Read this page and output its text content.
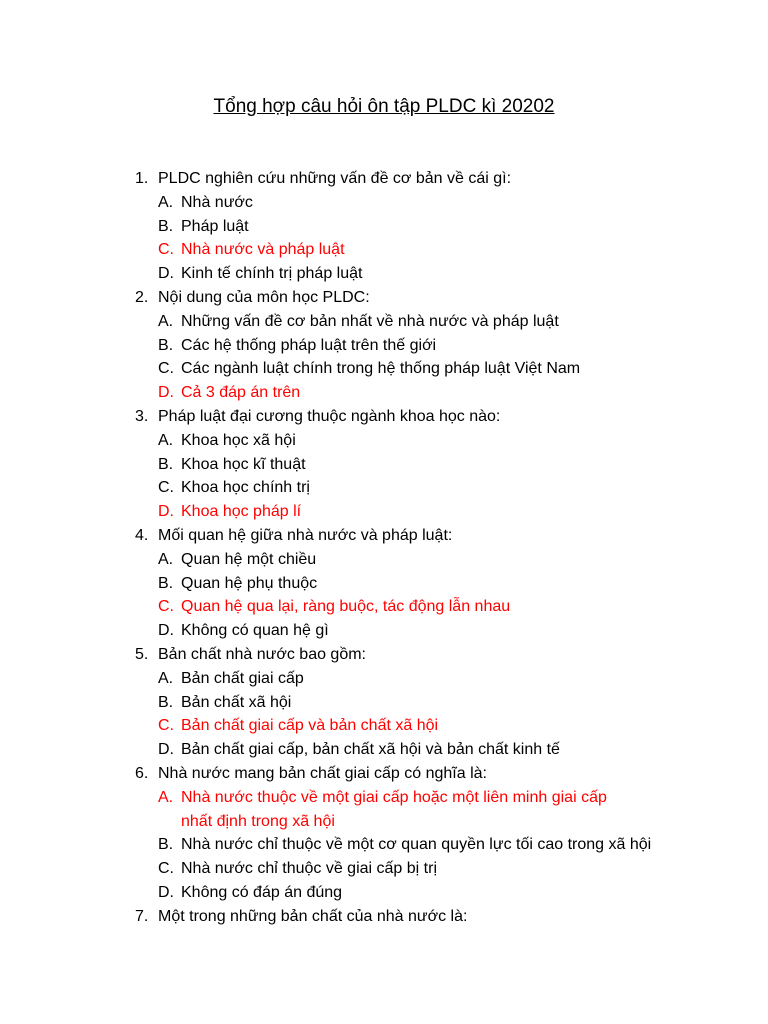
Tổng hợp câu hỏi ôn tập PLDC kì 20202
1. PLDC nghiên cứu những vấn đề cơ bản về cái gì:
A. Nhà nước
B. Pháp luật
C. Nhà nước và pháp luật
D. Kinh tế chính trị pháp luật
2. Nội dung của môn học PLDC:
A. Những vấn đề cơ bản nhất về nhà nước và pháp luật
B. Các hệ thống pháp luật trên thế giới
C. Các ngành luật chính trong hệ thống pháp luật Việt Nam
D. Cả 3 đáp án trên
3. Pháp luật đại cương thuộc ngành khoa học nào:
A. Khoa học xã hội
B. Khoa học kĩ thuật
C. Khoa học chính trị
D. Khoa học pháp lí
4. Mối quan hệ giữa nhà nước và pháp luật:
A. Quan hệ một chiều
B. Quan hệ phụ thuộc
C. Quan hệ qua lại, ràng buộc, tác động lẫn nhau
D. Không có quan hệ gì
5. Bản chất nhà nước bao gồm:
A. Bản chất giai cấp
B. Bản chất xã hội
C. Bản chất giai cấp và bản chất xã hội
D. Bản chất giai cấp, bản chất xã hội và bản chất kinh tế
6. Nhà nước mang bản chất giai cấp có nghĩa là:
A. Nhà nước thuộc về một giai cấp hoặc một liên minh giai cấp
nhất định trong xã hội
B. Nhà nước chỉ thuộc về một cơ quan quyền lực tối cao trong xã hội
C. Nhà nước chỉ thuộc về giai cấp bị trị
D. Không có đáp án đúng
7. Một trong những bản chất của nhà nước là:
